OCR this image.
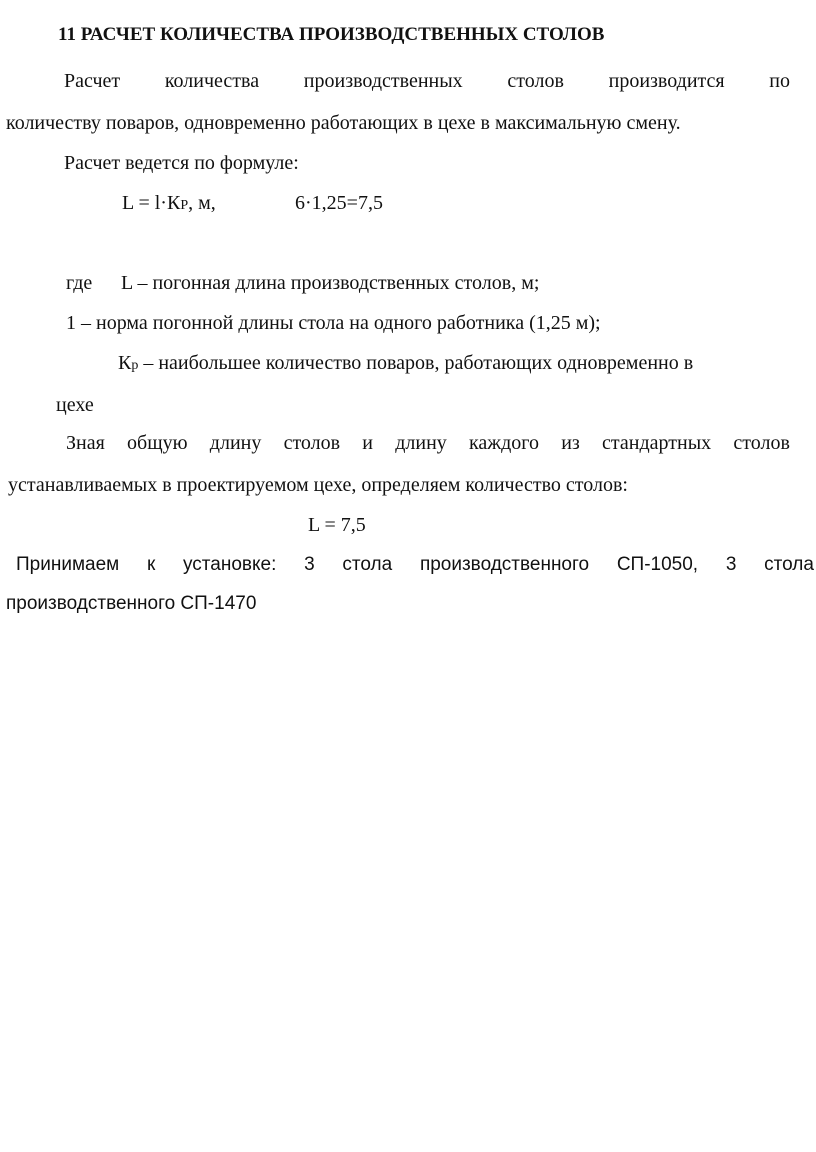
11 РАСЧЕТ КОЛИЧЕСТВА ПРОИЗВОДСТВЕННЫХ СТОЛОВ
Расчет количества производственных столов производится по
количеству поваров, одновременно работающих в цехе в максимальную смену.
Расчет ведется по формуле:
L = l·КР, м,	6·1,25=7,5
где L – погонная длина производственных столов, м;
1 – норма погонной длины стола на одного работника (1,25 м);
Кр – наибольшее количество поваров, работающих одновременно в
цехе
Зная общую длину столов и длину каждого из стандартных столов
устанавливаемых в проектируемом цехе, определяем количество столов:
L = 7,5
Принимаем к установке: 3 стола производственного СП-1050, 3 стола
производственного СП-1470
